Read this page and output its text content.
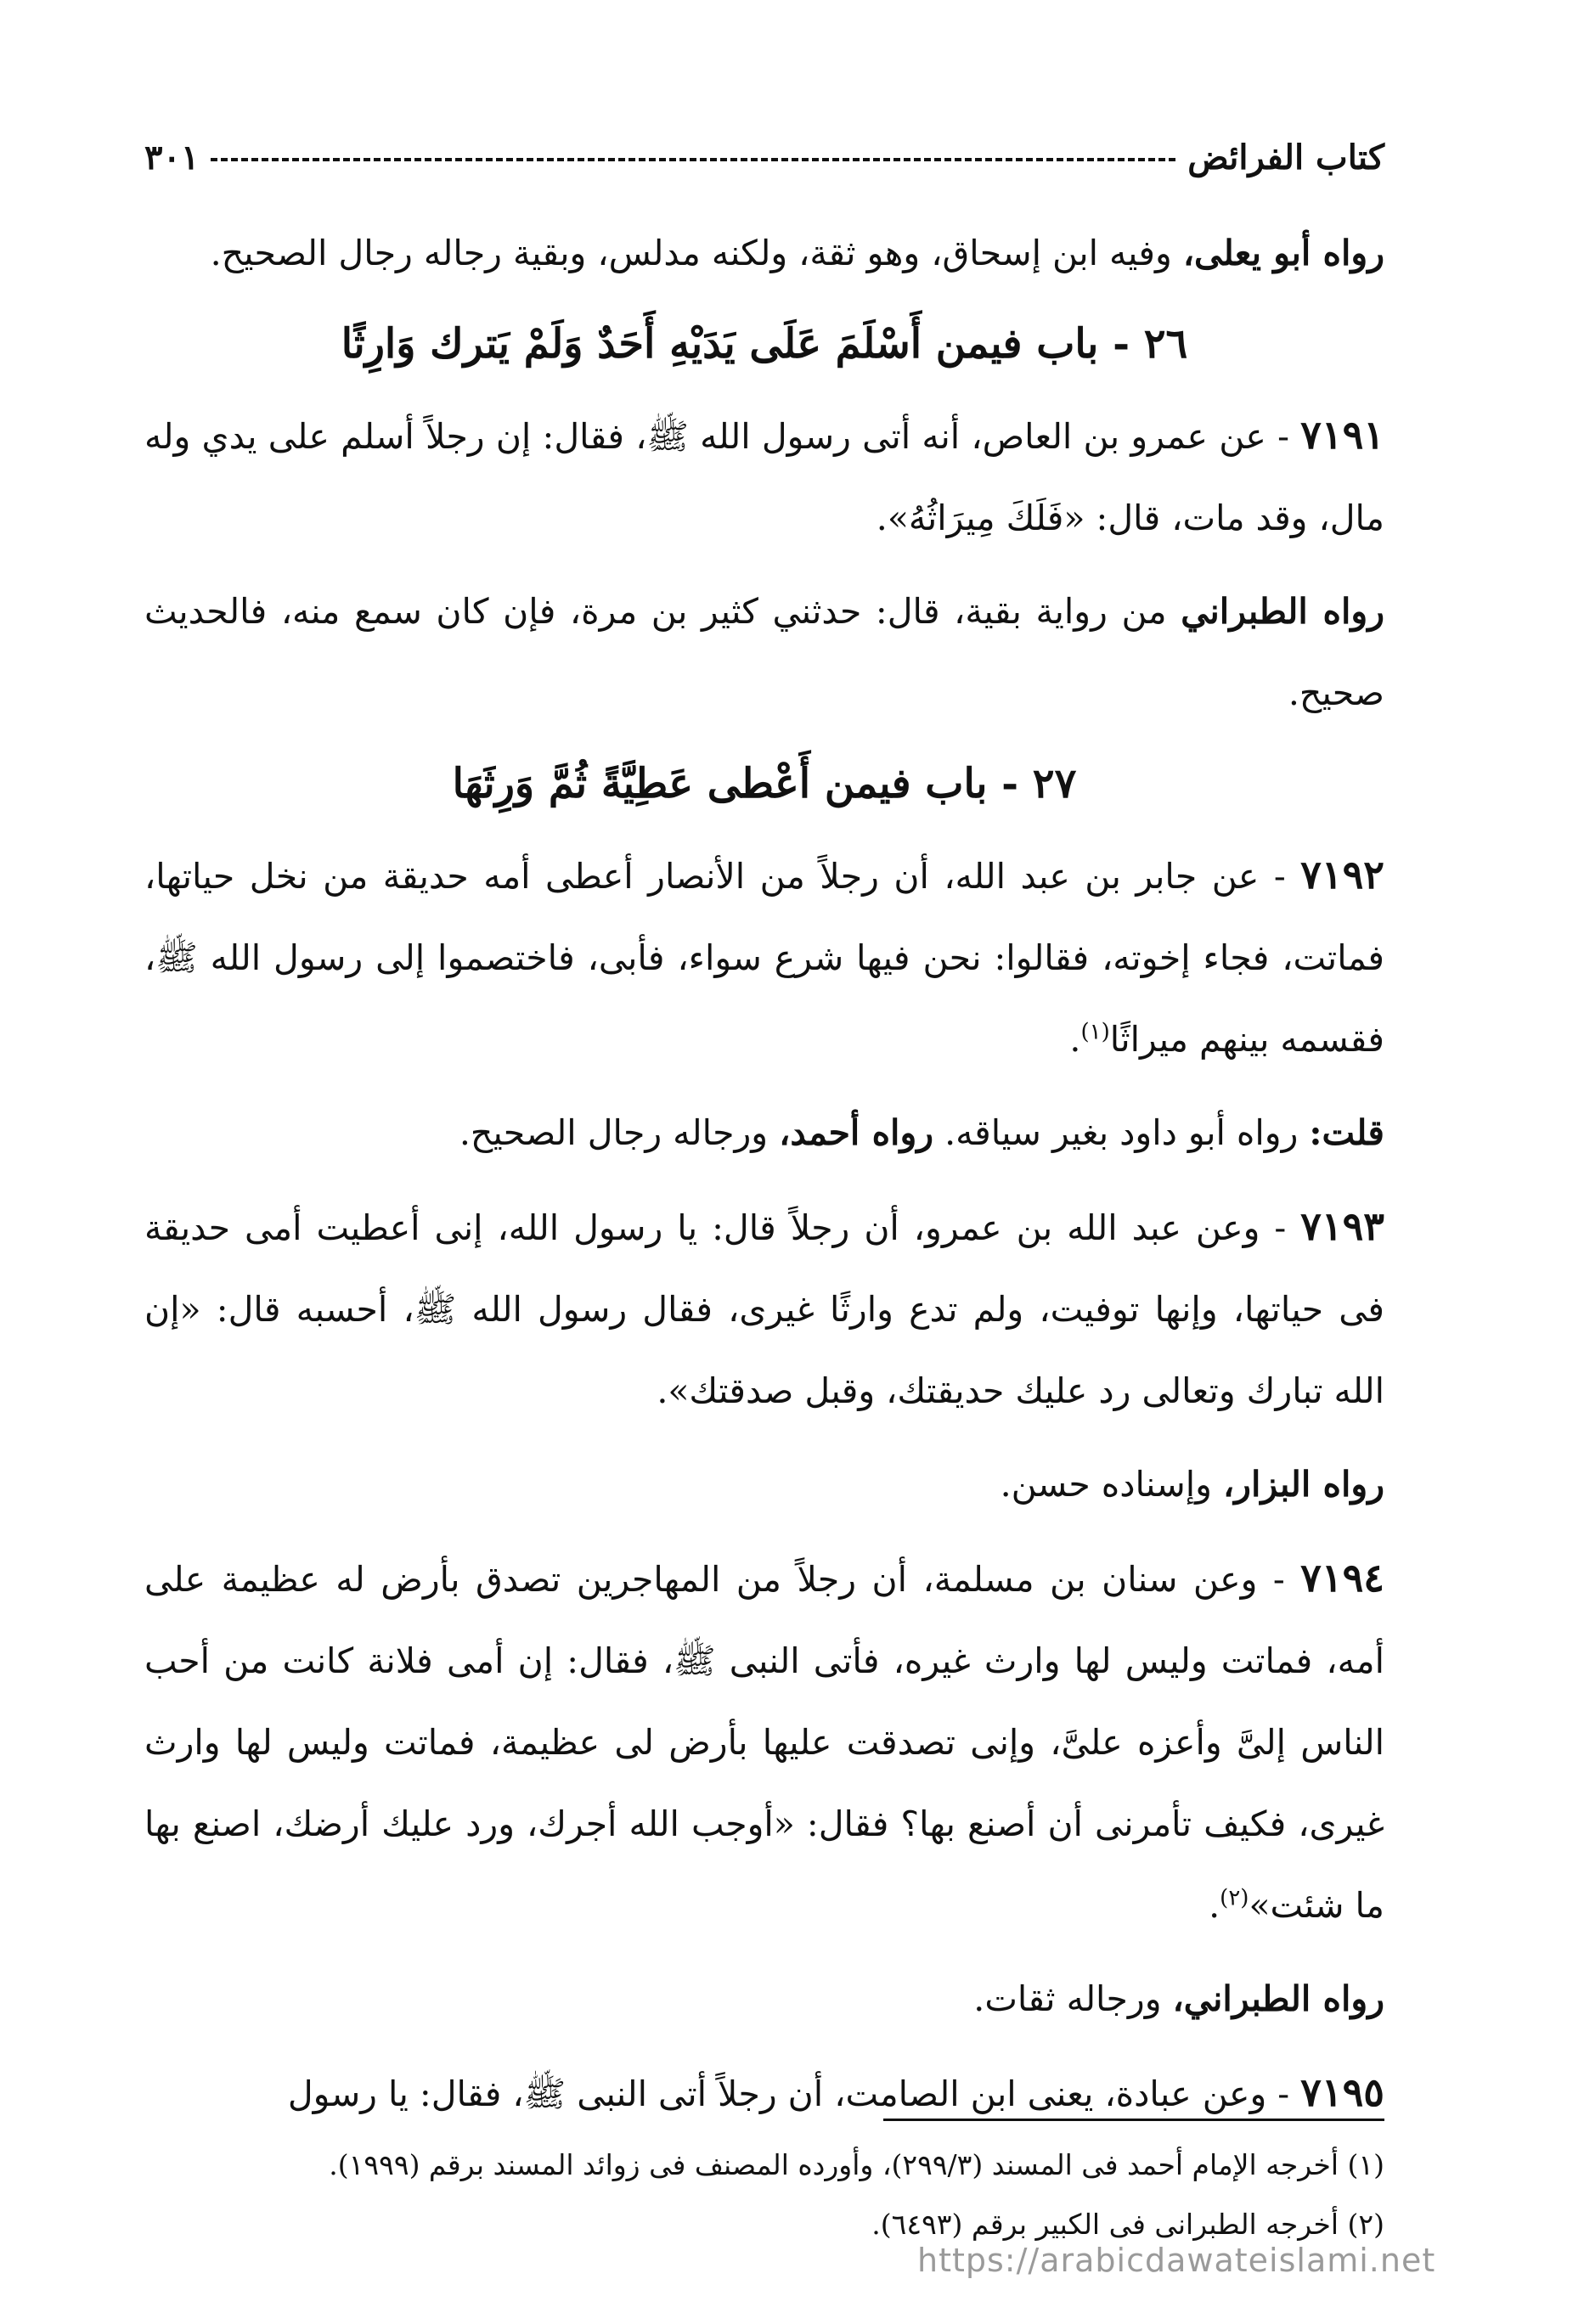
كتاب الفرائض
٣٠١

رواه أبو يعلى، وفيه ابن إسحاق، وهو ثقة، ولكنه مدلس، وبقية رجاله رجال الصحيح.

٢٦ - باب فيمن أَسْلَمَ عَلَى يَدَيْهِ أَحَدٌ وَلَمْ يَترك وَارِثًا

٧١٩١ - عن عمرو بن العاص، أنه أتى رسول الله ﷺ، فقال: إن رجلاً أسلم على يدي وله مال، وقد مات، قال: «فَلَكَ مِيرَاثُهُ».

رواه الطبراني من رواية بقية، قال: حدثني كثير بن مرة، فإن كان سمع منه، فالحديث صحيح.

٢٧ - باب فيمن أَعْطى عَطِيَّةً ثُمَّ وَرِثَهَا

٧١٩٢ - عن جابر بن عبد الله، أن رجلاً من الأنصار أعطى أمه حديقة من نخل حياتها، فماتت، فجاء إخوته، فقالوا: نحن فيها شرع سواء، فأبى، فاختصموا إلى رسول الله ﷺ، فقسمه بينهم ميراثًا$^{(١)}$.

قلت: رواه أبو داود بغير سياقه. رواه أحمد، ورجاله رجال الصحيح.

٧١٩٣ - وعن عبد الله بن عمرو، أن رجلاً قال: يا رسول الله، إنى أعطيت أمى حديقة فى حياتها، وإنها توفيت، ولم تدع وارثًا غيرى، فقال رسول الله ﷺ، أحسبه قال: «إن الله تبارك وتعالى رد عليك حديقتك، وقبل صدقتك».

رواه البزار، وإسناده حسن.

٧١٩٤ - وعن سنان بن مسلمة، أن رجلاً من المهاجرين تصدق بأرض له عظيمة على أمه، فماتت وليس لها وارث غيره، فأتى النبى ﷺ، فقال: إن أمى فلانة كانت من أحب الناس إلىَّ وأعزه علىَّ، وإنى تصدقت عليها بأرض لى عظيمة، فماتت وليس لها وارث غيرى، فكيف تأمرنى أن أصنع بها؟ فقال: «أوجب الله أجرك، ورد عليك أرضك، اصنع بها ما شئت»$^{(٢)}$.

رواه الطبراني، ورجاله ثقات.

٧١٩٥ - وعن عبادة، يعنى ابن الصامت، أن رجلاً أتى النبى ﷺ، فقال: يا رسول

(١) أخرجه الإمام أحمد فى المسند (٢٩٩/٣)، وأورده المصنف فى زوائد المسند برقم (١٩٩٩).
(٢) أخرجه الطبرانى فى الكبير برقم (٦٤٩٣).
https://arabicdawateislami.net
